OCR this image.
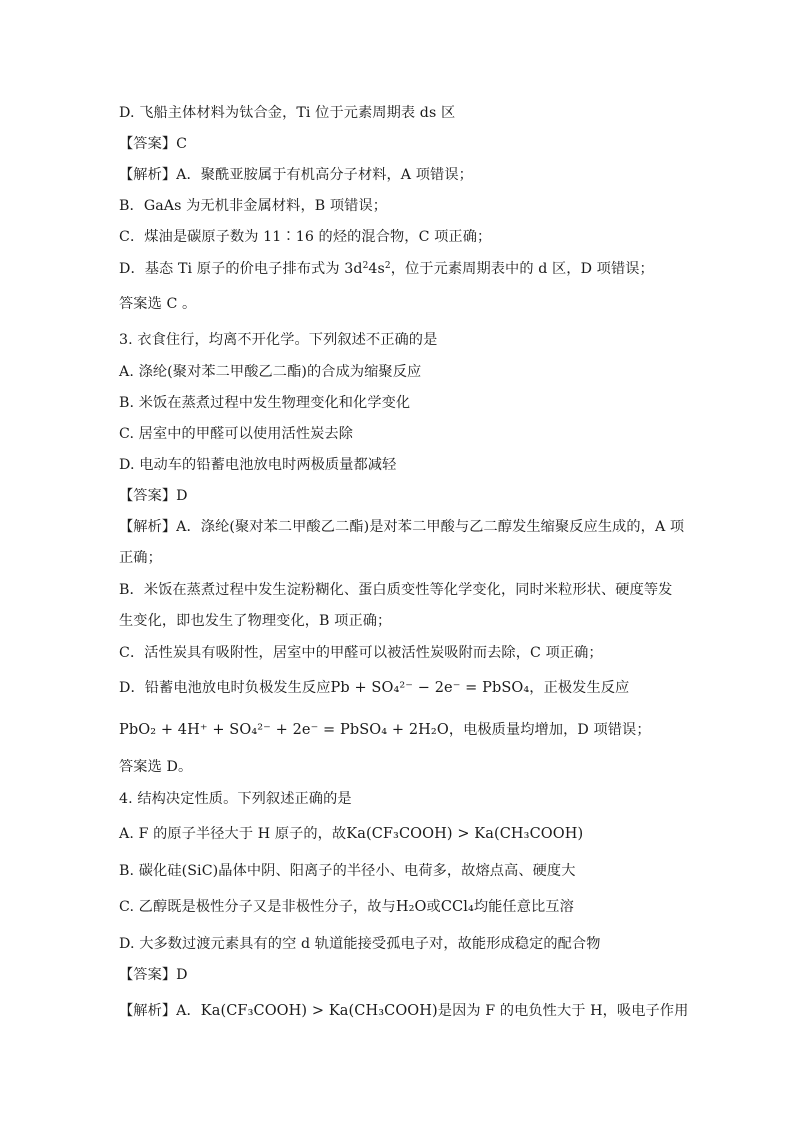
D. 飞船主体材料为钛合金，Ti 位于元素周期表 ds 区
【答案】C
【解析】A．聚酰亚胺属于有机高分子材料，A 项错误；
B．GaAs 为无机非金属材料，B 项错误；
C．煤油是碳原子数为 11∶16 的烃的混合物，C 项正确；
D．基态 Ti 原子的价电子排布式为 $3d^24s^2$，位于元素周期表中的 d 区，D 项错误；
答案选 C 。
3. 衣食住行，均离不开化学。下列叙述不正确的是
A. 涤纶(聚对苯二甲酸乙二酯)的合成为缩聚反应
B. 米饭在蒸煮过程中发生物理变化和化学变化
C. 居室中的甲醛可以使用活性炭去除
D. 电动车的铅蓄电池放电时两极质量都减轻
【答案】D
【解析】A．涤纶(聚对苯二甲酸乙二酯)是对苯二甲酸与乙二醇发生缩聚反应生成的，A 项
正确；
B．米饭在蒸煮过程中发生淀粉糊化、蛋白质变性等化学变化，同时米粒形状、硬度等发
生变化，即也发生了物理变化，B 项正确；
C．活性炭具有吸附性，居室中的甲醛可以被活性炭吸附而去除，C 项正确；
D．铅蓄电池放电时负极发生反应Pb + SO₄²⁻ − 2e⁻ = PbSO₄，正极发生反应
PbO₂ + 4H⁺ + SO₄²⁻ + 2e⁻ = PbSO₄ + 2H₂O，电极质量均增加，D 项错误；
答案选 D。
4. 结构决定性质。下列叙述正确的是
A. F 的原子半径大于 H 原子的，故Ka(CF₃COOH) > Ka(CH₃COOH)
B. 碳化硅(SiC)晶体中阴、阳离子的半径小、电荷多，故熔点高、硬度大
C. 乙醇既是极性分子又是非极性分子，故与H₂O或CCl₄均能任意比互溶
D. 大多数过渡元素具有的空 d 轨道能接受孤电子对，故能形成稳定的配合物
【答案】D
【解析】A．Ka(CF₃COOH) > Ka(CH₃COOH)是因为 F 的电负性大于 H，吸电子作用
